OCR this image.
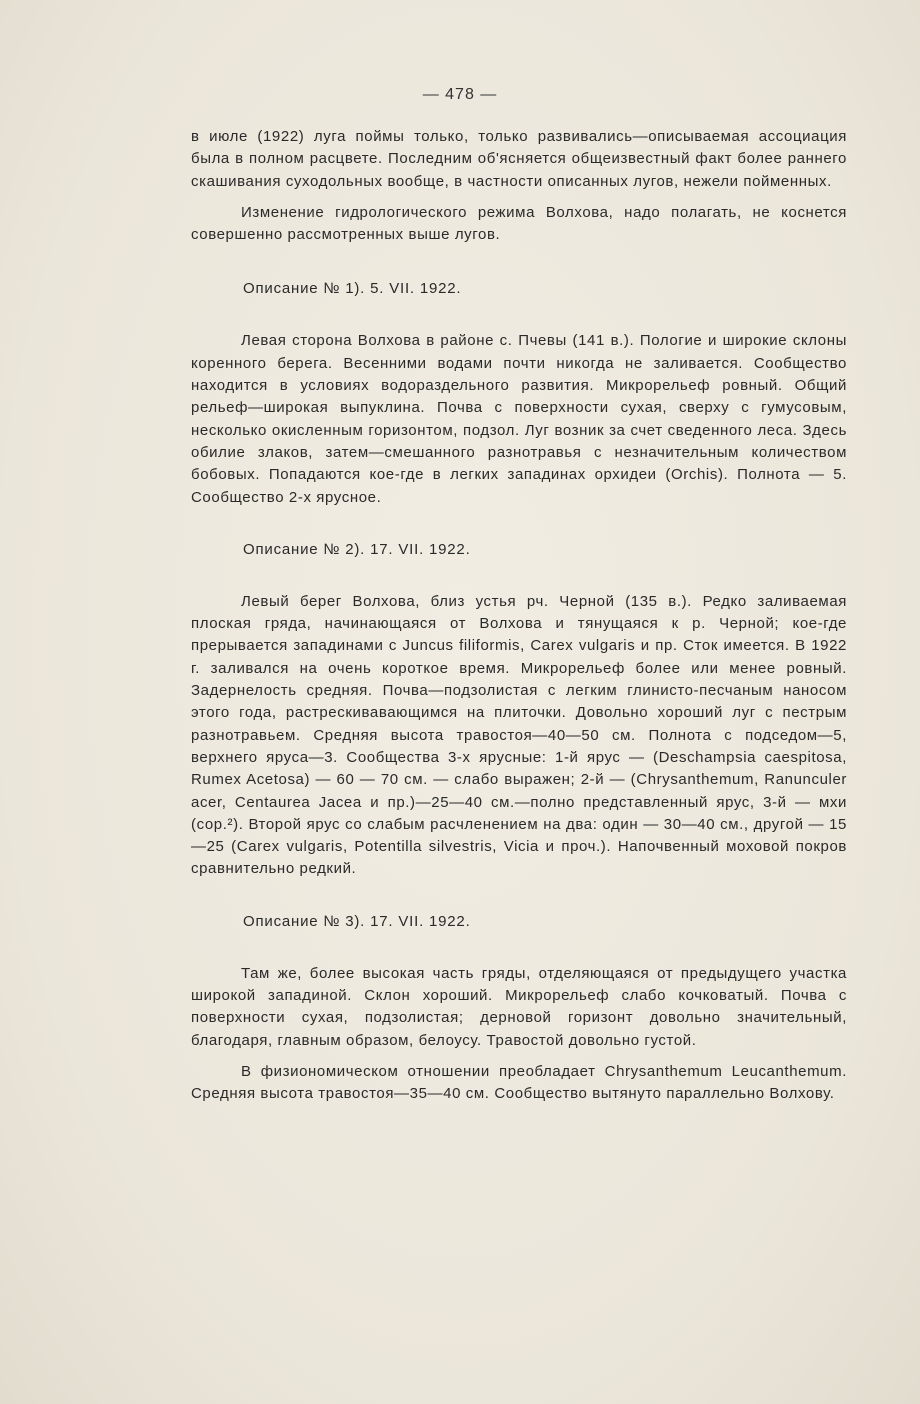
— 478 —

в июле (1922) луга поймы только, только развивались—описываемая ассоциация была в полном расцвете. Последним об'ясняется общеизвестный факт более раннего скашивания суходольных вообще, в частности описанных лугов, нежели пойменных.

Изменение гидрологического режима Волхова, надо полагать, не коснется совершенно рассмотренных выше лугов.

Описание № 1). 5. VII. 1922.

Левая сторона Волхова в районе с. Пчевы (141 в.). Пологие и широкие склоны коренного берега. Весенними водами почти никогда не заливается. Сообщество находится в условиях водораздельного развития. Микрорельеф ровный. Общий рельеф—широкая выпуклина. Почва с поверхности сухая, сверху с гумусовым, несколько окисленным горизонтом, подзол. Луг возник за счет сведенного леса. Здесь обилие злаков, затем—смешанного разнотравья с незначительным количеством бобовых. Попадаются кое-где в легких западинах орхидеи (Orchis). Полнота — 5. Сообщество 2-х ярусное.

Описание № 2). 17. VII. 1922.

Левый берег Волхова, близ устья рч. Черной (135 в.). Редко заливаемая плоская гряда, начинающаяся от Волхова и тянущаяся к р. Черной; кое-где прерывается западинами с Juncus filiformis, Carex vulgaris и пр. Сток имеется. В 1922 г. заливался на очень короткое время. Микрорельеф более или менее ровный. Задернелость средняя. Почва—подзолистая с легким глинисто-песчаным наносом этого года, растрескивавающимся на плиточки. Довольно хороший луг с пестрым разнотравьем. Средняя высота травостоя—40—50 см. Полнота с подседом—5, верхнего яруса—3. Сообщества 3-х ярусные: 1-й ярус — (Deschampsia caespitosa, Rumex Acetosa) — 60 — 70 см. — слабо выражен; 2-й — (Chrysanthemum, Ranunculer acer, Centaurea Jacea и пр.)—25—40 см.—полно представленный ярус, 3-й — мхи (сор.²). Второй ярус со слабым расчленением на два: один — 30—40 см., другой — 15—25 (Carex vulgaris, Potentilla silvestris, Vicia и проч.). Напочвенный моховой покров сравнительно редкий.

Описание № 3). 17. VII. 1922.

Там же, более высокая часть гряды, отделяющаяся от предыдущего участка широкой западиной. Склон хороший. Микрорельеф слабо кочковатый. Почва с поверхности сухая, подзолистая; дерновой горизонт довольно значительный, благодаря, главным образом, белоусу. Травостой довольно густой.

В физиономическом отношении преобладает Chrysanthemum Leucanthemum. Средняя высота травостоя—35—40 см. Сообщество вытянуто параллельно Волхову.
